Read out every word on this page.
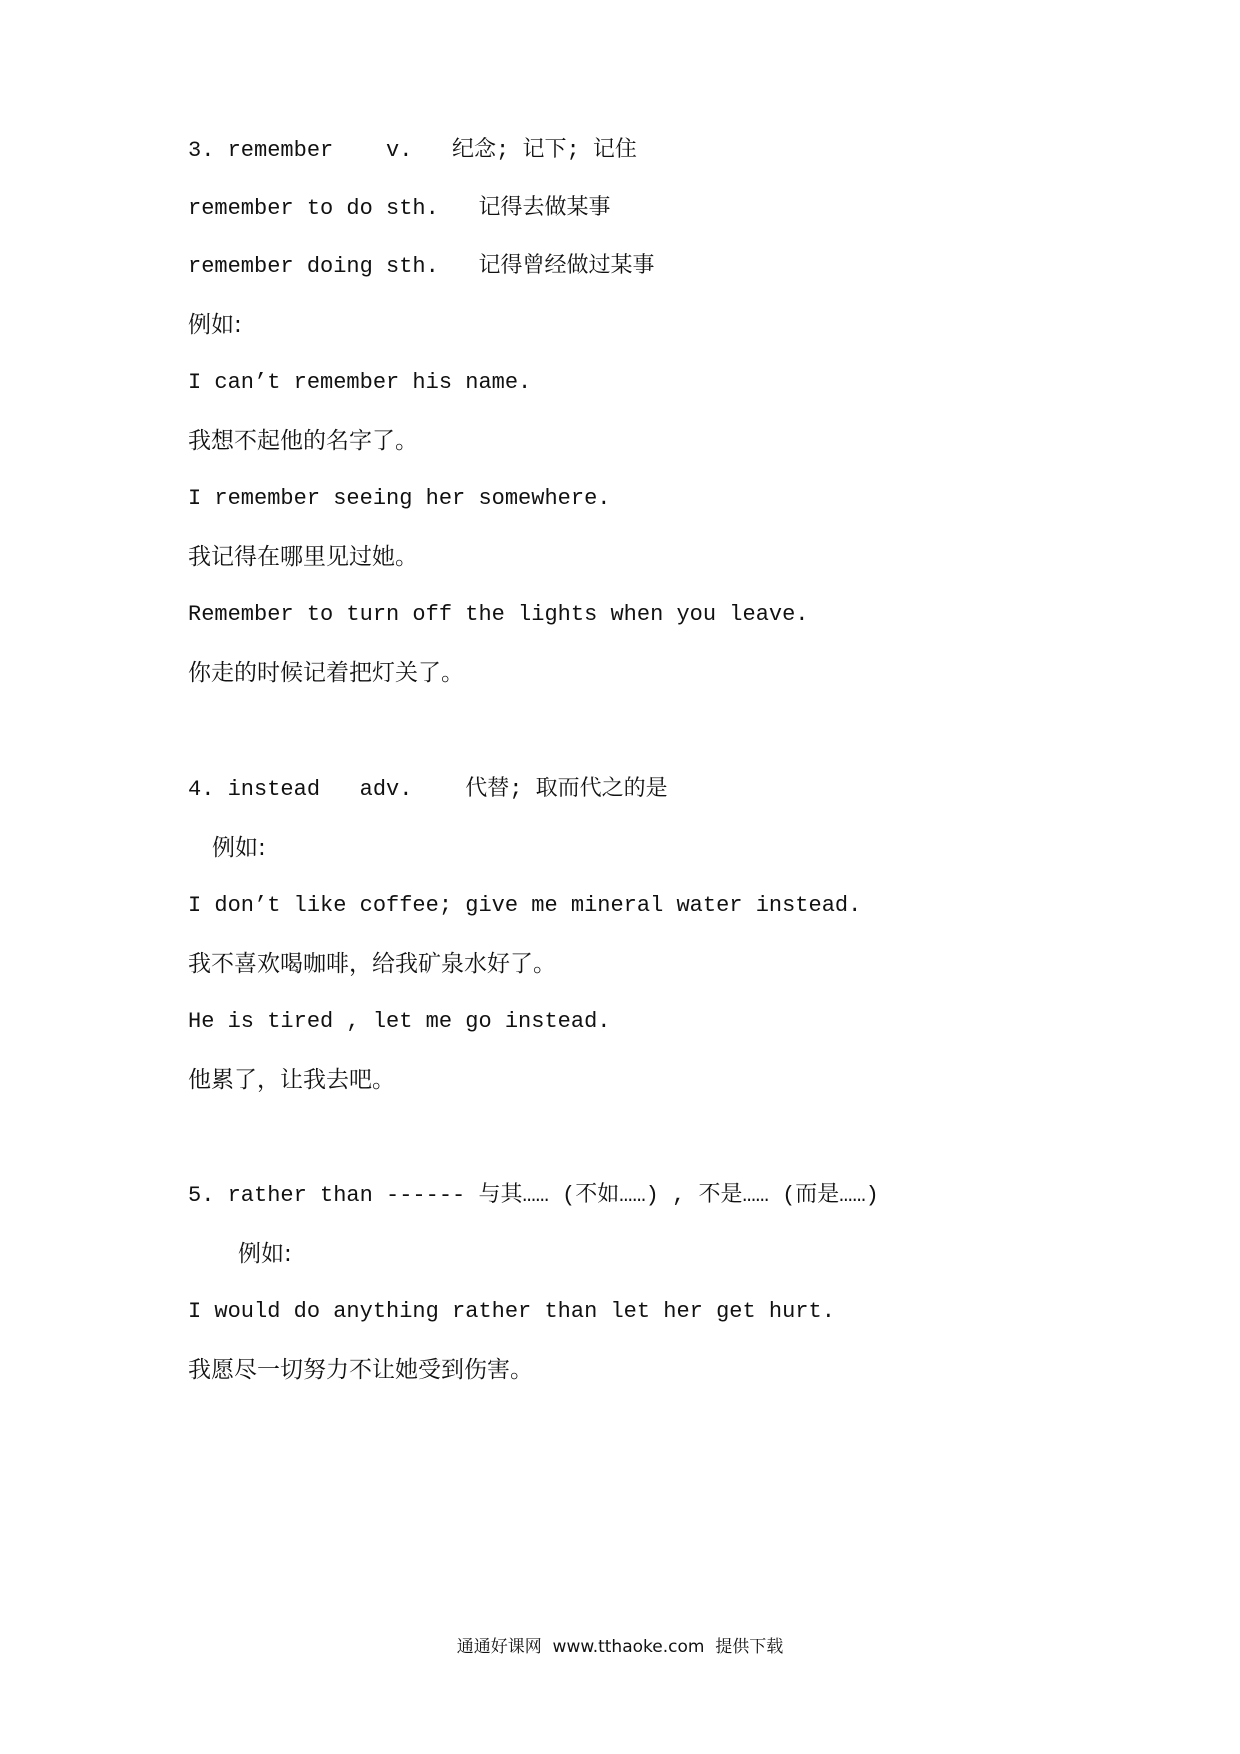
3. remember    v.   纪念; 记下; 记住
remember to do sth.   记得去做某事
remember doing sth.   记得曾经做过某事
例如:
I can’t remember his name.
我想不起他的名字了。
I remember seeing her somewhere.
我记得在哪里见过她。
Remember to turn off the lights when you leave.
你走的时候记着把灯关了。
4. instead   adv.    代替; 取而代之的是
例如:
I don’t like coffee; give me mineral water instead.
我不喜欢喝咖啡，给我矿泉水好了。
He is tired , let me go instead.
他累了，让我去吧。
5. rather than ------ 与其…… (不如……) , 不是…… (而是……)
例如:
I would do anything rather than let her get hurt.
我愿尽一切努力不让她受到伤害。
通通好课网  www.tthaoke.com  提供下载
